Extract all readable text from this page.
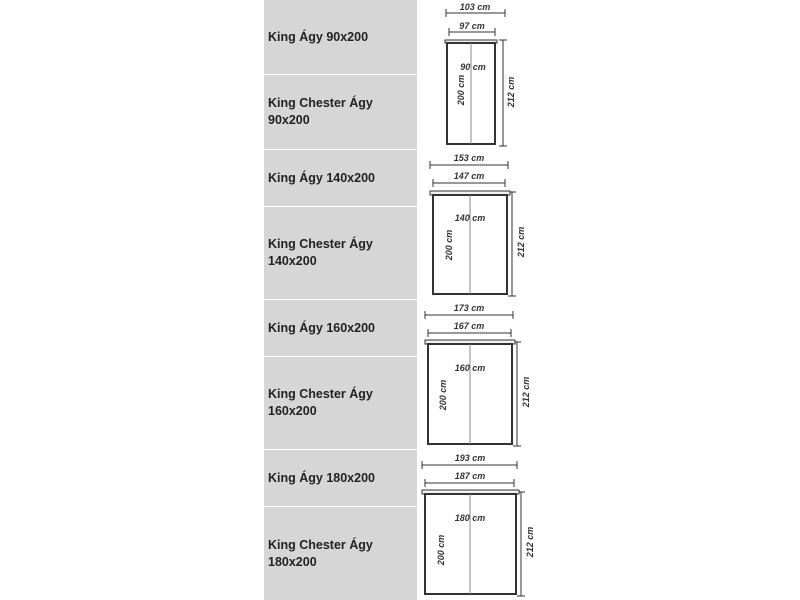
King Ágy 90x200
King Chester Ágy 90x200
King Ágy 140x200
King Chester Ágy 140x200
King Ágy 160x200
King Chester Ágy 160x200
King Ágy 180x200
King Chester Ágy 180x200
103 cm
97 cm
90 cm
200 cm	212 cm
153 cm
147 cm
140 cm
200 cm	212 cm
173 cm
167 cm
160 cm
200 cm	212 cm
193 cm
187 cm
180 cm
200 cm	212 cm
